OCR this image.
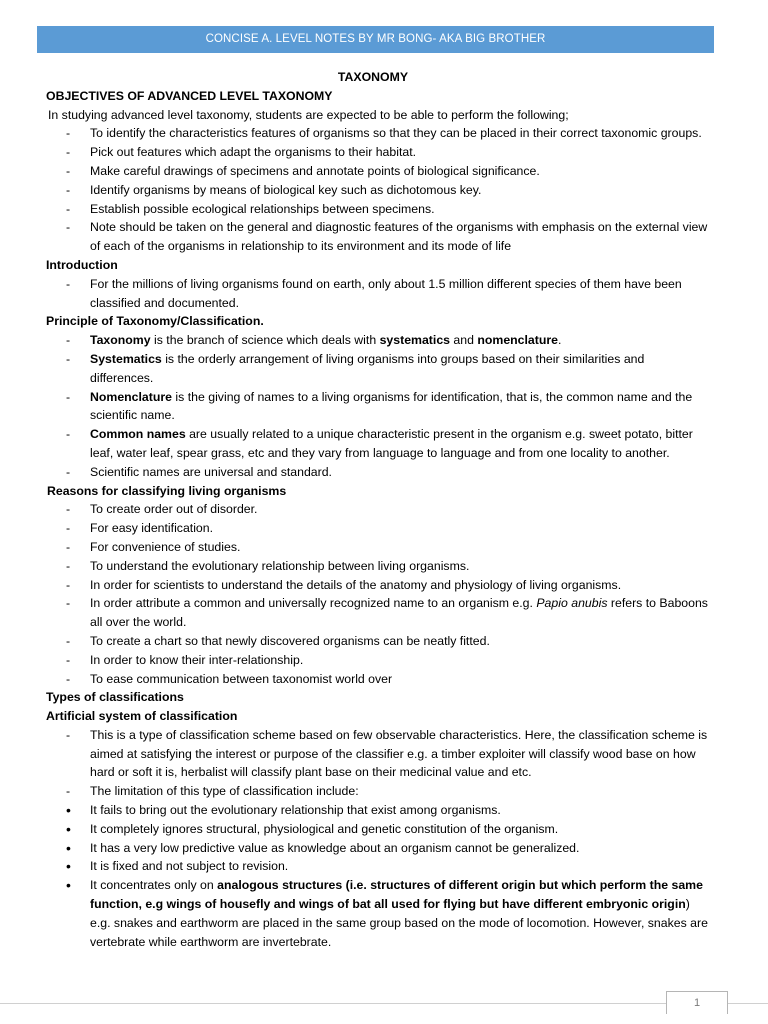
CONCISE A. LEVEL NOTES BY MR BONG- AKA BIG BROTHER
TAXONOMY
OBJECTIVES OF ADVANCED LEVEL TAXONOMY
In studying advanced level taxonomy, students are expected to be able to perform the following;
- To identify the characteristics features of organisms so that they can be placed in their correct taxonomic groups.
- Pick out features which adapt the organisms to their habitat.
- Make careful drawings of specimens and annotate points of biological significance.
- Identify organisms by means of biological key such as dichotomous key.
- Establish possible ecological relationships between specimens.
- Note should be taken on the general and diagnostic features of the organisms with emphasis on the external view of each of the organisms in relationship to its environment and its mode of life
Introduction
- For the millions of living organisms found on earth, only about 1.5 million different species of them have been classified and documented.
Principle of Taxonomy/Classification.
- Taxonomy is the branch of science which deals with systematics and nomenclature.
- Systematics is the orderly arrangement of living organisms into groups based on their similarities and differences.
- Nomenclature is the giving of names to a living organisms for identification, that is, the common name and the scientific name.
- Common names are usually related to a unique characteristic present in the organism e.g. sweet potato, bitter leaf, water leaf, spear grass, etc and they vary from language to language and from one locality to another.
- Scientific names are universal and standard.
Reasons for classifying living organisms
- To create order out of disorder.
- For easy identification.
- For convenience of studies.
- To understand the evolutionary relationship between living organisms.
- In order for scientists to understand the details of the anatomy and physiology of living organisms.
- In order attribute a common and universally recognized name to an organism e.g. Papio anubis refers to Baboons all over the world.
- To create a chart so that newly discovered organisms can be neatly fitted.
- In order to know their inter-relationship.
- To ease communication between taxonomist world over
Types of classifications
Artificial system of classification
- This is a type of classification scheme based on few observable characteristics. Here, the classification scheme is aimed at satisfying the interest or purpose of the classifier e.g. a timber exploiter will classify wood base on how hard or soft it is, herbalist will classify plant base on their medicinal value and etc.
- The limitation of this type of classification include:
• It fails to bring out the evolutionary relationship that exist among organisms.
• It completely ignores structural, physiological and genetic constitution of the organism.
• It has a very low predictive value as knowledge about an organism cannot be generalized.
• It is fixed and not subject to revision.
• It concentrates only on analogous structures (i.e. structures of different origin but which perform the same function, e.g wings of housefly and wings of bat all used for flying but have different embryonic origin) e.g. snakes and earthworm are placed in the same group based on the mode of locomotion. However, snakes are vertebrate while earthworm are invertebrate.
1
